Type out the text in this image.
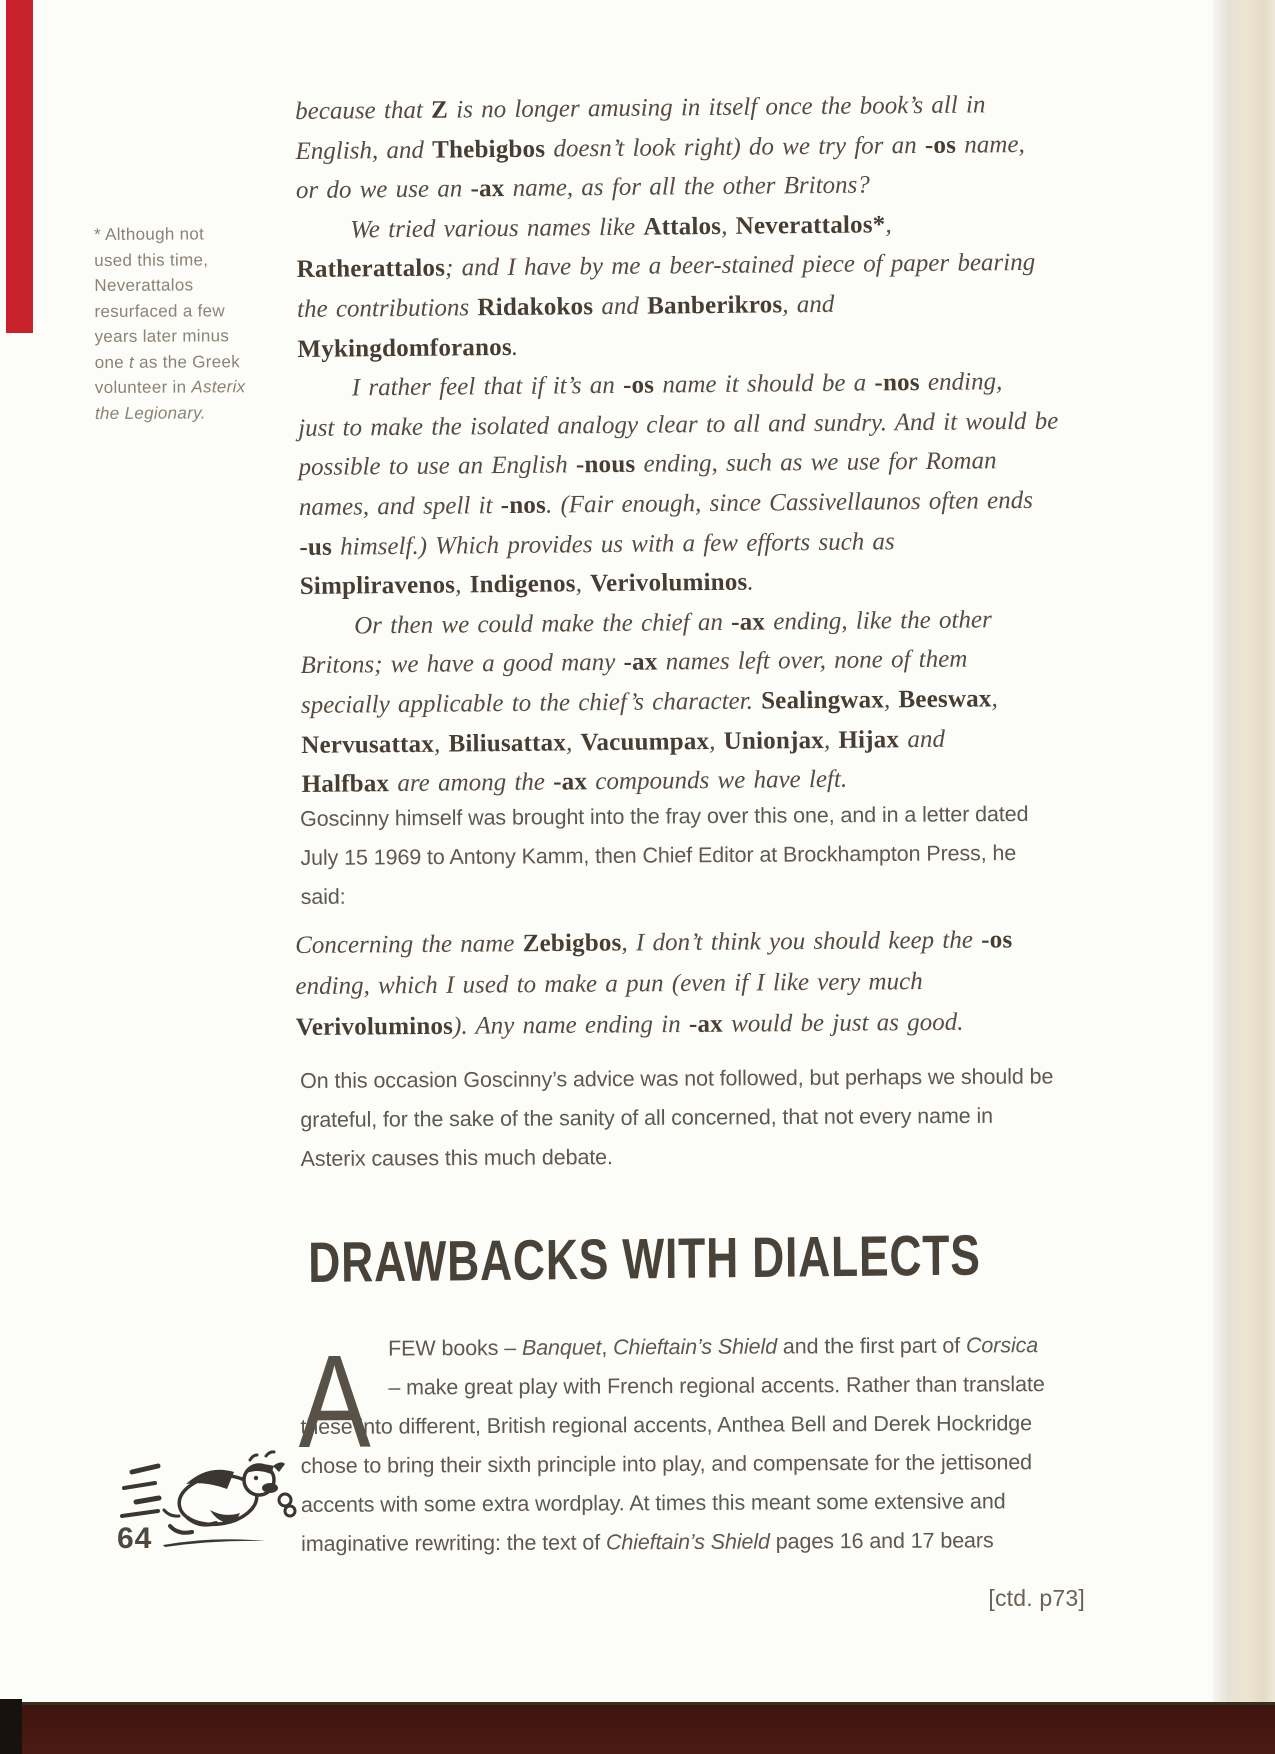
* Although not
used this time,
Neverattalos
resurfaced a few
years later minus
one t as the Greek
volunteer in Asterix
the Legionary.
because that Z is no longer amusing in itself once the book’s all in
English, and Thebigbos doesn’t look right) do we try for an -os name,
or do we use an -ax name, as for all the other Britons?
We tried various names like Attalos, Neverattalos*,
Ratherattalos; and I have by me a beer-stained piece of paper bearing
the contributions Ridakokos and Banberikros, and
Mykingdomforanos.
I rather feel that if it’s an -os name it should be a -nos ending,
just to make the isolated analogy clear to all and sundry. And it would be
possible to use an English -nous ending, such as we use for Roman
names, and spell it -nos. (Fair enough, since Cassivellaunos often ends
-us himself.) Which provides us with a few efforts such as
Simpliravenos, Indigenos, Verivoluminos.
Or then we could make the chief an -ax ending, like the other
Britons; we have a good many -ax names left over, none of them
specially applicable to the chief’s character. Sealingwax, Beeswax,
Nervusattax, Biliusattax, Vacuumpax, Unionjax, Hijax and
Halfbax are among the -ax compounds we have left.
Goscinny himself was brought into the fray over this one, and in a letter dated
July 15 1969 to Antony Kamm, then Chief Editor at Brockhampton Press, he
said:
Concerning the name Zebigbos, I don’t think you should keep the -os
ending, which I used to make a pun (even if I like very much
Verivoluminos). Any name ending in -ax would be just as good.
On this occasion Goscinny’s advice was not followed, but perhaps we should be
grateful, for the sake of the sanity of all concerned, that not every name in
Asterix causes this much debate.
DRAWBACKS WITH DIALECTS
A FEW books – Banquet, Chieftain’s Shield and the first part of Corsica
– make great play with French regional accents. Rather than translate
these into different, British regional accents, Anthea Bell and Derek Hockridge
chose to bring their sixth principle into play, and compensate for the jettisoned
accents with some extra wordplay. At times this meant some extensive and
imaginative rewriting: the text of Chieftain’s Shield pages 16 and 17 bears
64
[ctd. p73]
